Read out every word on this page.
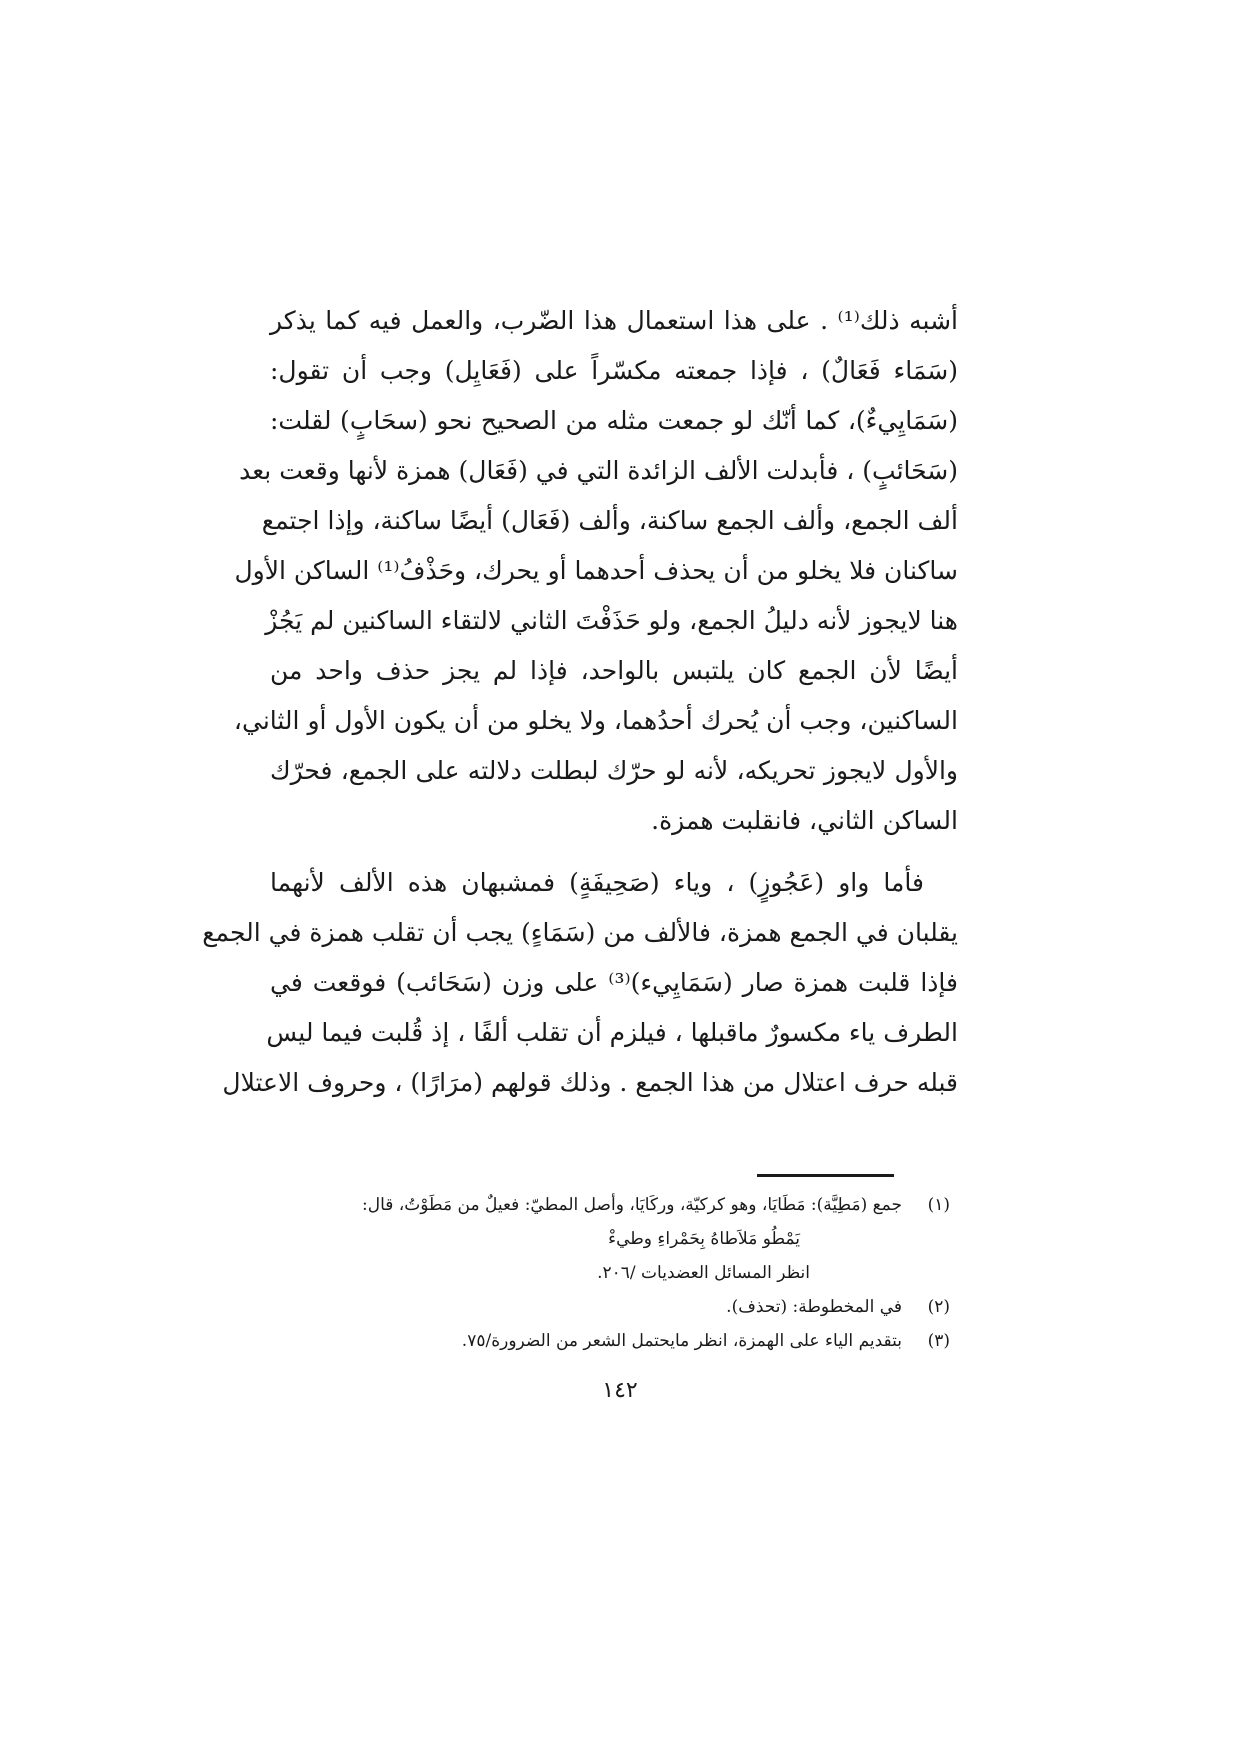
أشبه ذلك⁽¹⁾ . على هذا استعمال هذا الضّرب، والعمل فيه كما يذكر
(سَمَاء فَعَالٌ) ، فإذا جمعته مكسّراً على (فَعَايِل) وجب أن تقول:
(سَمَايِيءٌ)، كما أنّك لو جمعت مثله من الصحيح نحو (سحَابٍ) لقلت:
(سَحَائبٍ) ، فأبدلت الألف الزائدة التي في (فَعَال) همزة لأنها وقعت بعد
ألف الجمع، وألف الجمع ساكنة، وألف (فَعَال) أيضًا ساكنة، وإذا اجتمع
ساكنان فلا يخلو من أن يحذف أحدهما أو يحرك، وحَذْفُ⁽¹⁾ الساكن الأول
هنا لايجوز لأنه دليلُ الجمع، ولو حَذَفْتَ الثاني لالتقاء الساكنين لم يَجُزْ
أيضًا لأن الجمع كان يلتبس بالواحد، فإذا لم يجز حذف واحد من
الساكنين، وجب أن يُحرك أحدُهما، ولا يخلو من أن يكون الأول أو الثاني،
والأول لايجوز تحريكه، لأنه لو حرّك لبطلت دلالته على الجمع، فحرّك
الساكن الثاني، فانقلبت همزة.
فأما واو (عَجُوزٍ) ، وياء (صَحِيفَةٍ) فمشبهان هذه الألف لأنهما
يقلبان في الجمع همزة، فالألف من (سَمَاءٍ) يجب أن تقلب همزة في الجمع
فإذا قلبت همزة صار (سَمَايِيء)⁽³⁾ على وزن (سَحَائب) فوقعت في
الطرف ياء مكسورٌ ماقبلها ، فيلزم أن تقلب ألفًا ، إذ قُلبت فيما ليس
قبله حرف اعتلال من هذا الجمع . وذلك قولهم (مرَارًا) ، وحروف الاعتلال
(١)
جمع (مَطِيَّة): مَطَايَا، وهو كركيّة، وركَايَا، وأصل المطيّ: فعيلٌ من مَطَوْتُ، قال:
يَمْطُو مَلاَطاهُ بِحَمْراءِ وطيءْ
انظر المسائل العضديات /٢٠٦.
(٢)
في المخطوطة: (تحذف).
(٣)
بتقديم الياء على الهمزة، انظر مايحتمل الشعر من الضرورة/٧٥.
١٤٢
